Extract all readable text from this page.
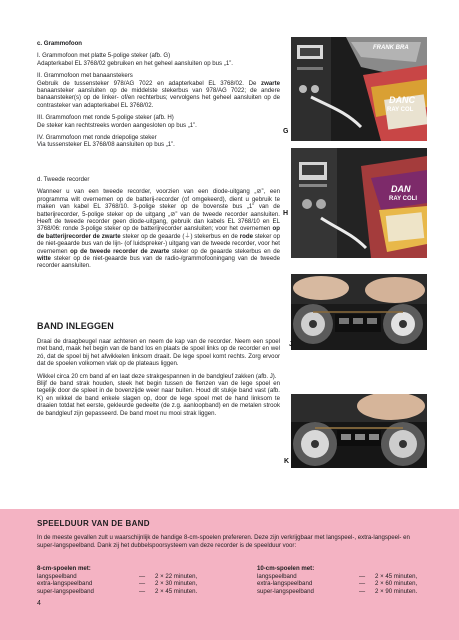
c. Grammofoon

I. Grammofoon met platte 5-polige steker (afb. G)
Adapterkabel EL 3768/02 gebruiken en het geheel aansluiten op bus „1”.

II. Grammofoon met banaanstekers
Gebruik de tussensteker 978/AG 7022 en adapterkabel EL 3768/02. De zwarte banaansteker aansluiten op de middelste stekerbus van 978/AG 7022; de andere banaansteker(s) op de linker- of/en rechterbus; vervolgens het geheel aansluiten op de contrasteker van adapterkabel EL 3768/02.

III. Grammofoon met ronde 5-polige steker (afb. H)
De steker kan rechtstreeks worden aangesloten op bus „1”.

IV. Grammofoon met ronde driepolige steker
Via tussensteker EL 3768/08 aansluiten op bus „1”.

d. Tweede recorder

Wanneer u van een tweede recorder, voorzien van een diode-uitgang „⊘”, een programma wilt overnemen op de batterij-recorder (of omgekeerd), dient u gebruik te maken van kabel EL 3768/10. 3-polige steker op de bovenste bus „1” van de batterijrecorder, 5-polige steker op de uitgang „⊘” van de tweede recorder aansluiten. Heeft de tweede recorder geen diode-uitgang, gebruik dan kabels EL 3768/10 en EL 3768/06: ronde 3-polige steker op de batterijrecorder aansluiten; voor het overnemen op de batterijrecorder de zwarte steker op de geaarde (⏚) stekerbus en de rode steker op de niet-geaarde bus van de lijn- (of luidspreker-) uitgang van de tweede recorder, voor het overnemen op de tweede recorder de zwarte steker op de geaarde stekerbus en de witte steker op de niet-geaarde bus van de radio-/grammofooningang van de tweede recorder aansluiten.

BAND INLEGGEN

Draai de draagbeugel naar achteren en neem de kap van de recorder. Neem een spoel met band, maak het begin van de band los en plaats de spoel links op de recorder en wel zó, dat de spoel bij het afwikkelen linksom draait. De lege spoel komt rechts. Zorg ervoor dat de spoelen volkomen vlak op de plateaus liggen.

Wikkel circa 20 cm band af en laat deze strakgespannen in de bandgleuf zakken (afb. J).

Blijf de band strak houden, steek het begin tussen de flenzen van de lege spoel en tegelijk door de spleet in de bovenzijde weer naar buiten. Houd dit stukje band vast (afb. K) en wikkel de band enkele slagen op, door de lege spoel met de hand linksom te draaien totdat het eerste, gekleurde gedeelte (de z.g. aanloopband) en de metalen strook de bandgleuf zijn gepasseerd. De band moet nu mooi strak liggen.

FRANK BRA
DANC
RAY COL
G
DAN
RAY COLI
H
J
K
SPEELDUUR VAN DE BAND
In de meeste gevallen zult u waarschijnlijk de handige 8-cm-spoelen prefereren. Deze zijn verkrijgbaar met langspeel-, extra-langspeel- en super-langspeelband. Dank zij het dubbelspoorsysteem van deze recorder is de speelduur voor:
8-cm-spoelen met:
langspeelband	—	2 × 22 minuten,
extra-langspeelband	—	2 × 30 minuten,
super-langspeelband	—	2 × 45 minuten.
10-cm-spoelen met:
langspeelband	—	2 × 45 minuten,
extra-langspeelband	—	2 × 60 minuten,
super-langspeelband	—	2 × 90 minuten.
4
